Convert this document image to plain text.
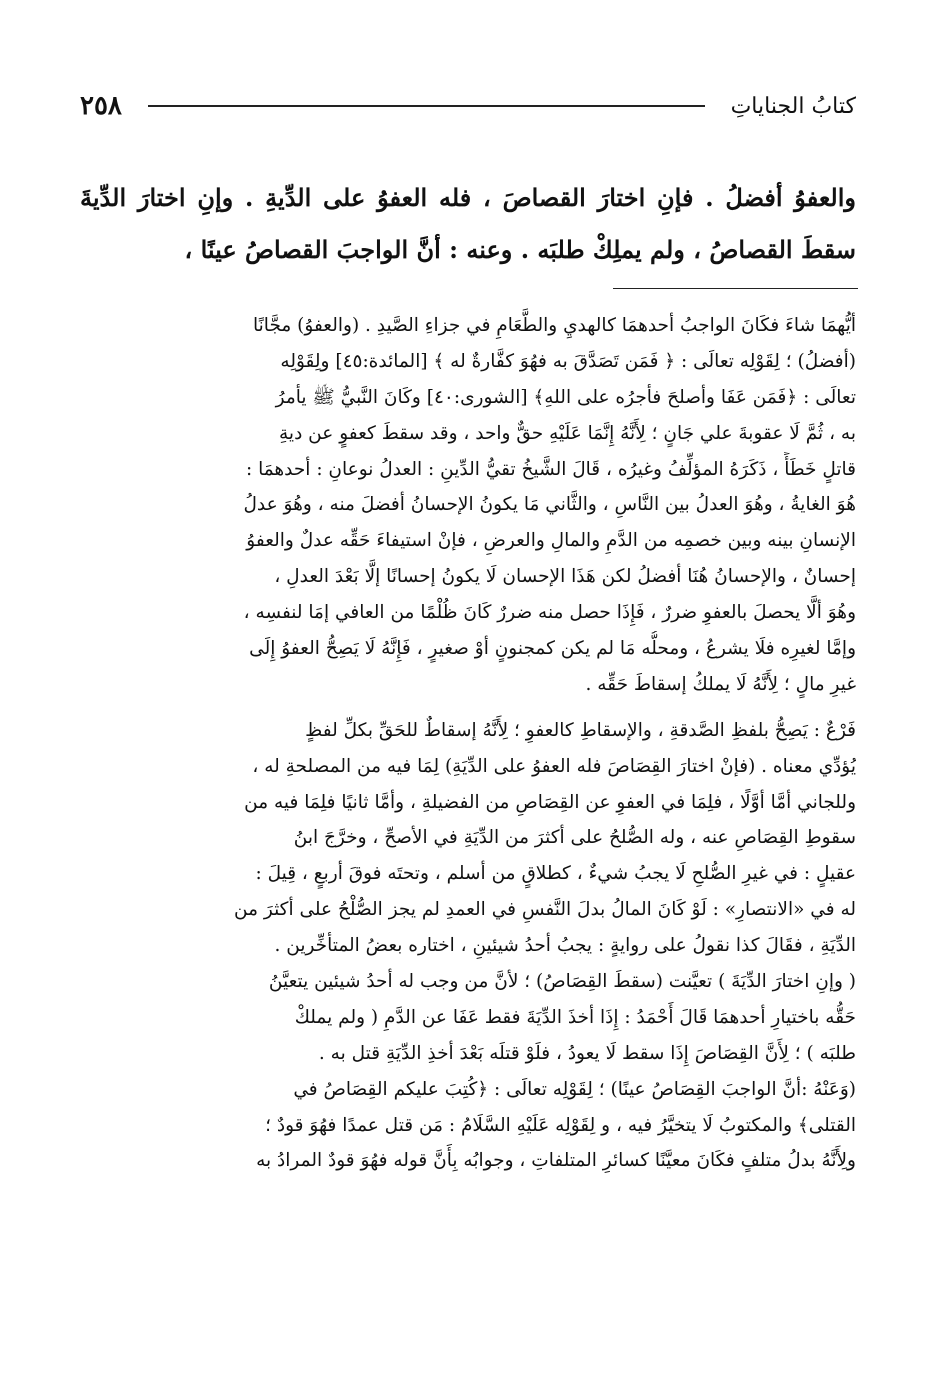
٢٥٨	كتابُ الجناياتِ

والعفوُ أفضلُ . فإنِ اختارَ القصاصَ ، فله العفوُ على الدِّيةِ . وإنِ اختارَ الدِّيةَ سقطَ القصاصُ ، ولم يملِكْ طلبَه . وعنه : أنَّ الواجبَ القصاصُ عينًا ،

أيُّهمَا شاءَ فكَانَ الواجبُ أحدهمَا كالهديِ والطَّعَامِ في جزاءِ الصَّيدِ . (والعفوُ) مجَّانًا
(أفضلُ) ؛ لِقَوْلِه تعالَى : ﴿ فَمَن تَصَدَّقَ به فهُوَ كفَّارةٌ له ﴾ [المائدة:٤٥] ولِقَوْلِه
تعالَى : ﴿فَمَن عَفَا وأصلحَ فأجرُه على اللهِ﴾ [الشورى:٤٠] وكَانَ النَّبيُّ ﷺ يأمرُ
به ، ثُمَّ لَا عقوبةَ علي جَانٍ ؛ لِأَنَّهُ إِنَّمَا عَلَيْهِ حقٌّ واحد ، وقد سقطَ كعفوٍ عن ديةِ
قاتلٍ خَطَأً ، ذَكَرَهُ المؤلِّفُ وغيرُه ، قَالَ الشَّيخُ تقيُّ الدِّينِ : العدلُ نوعانِ : أحدهمَا :
هُوَ الغايةُ ، وهُوَ العدلُ بين النَّاسِ ، والثَّاني مَا يكونُ الإحسانُ أفضلَ منه ، وهُوَ عدلُ
الإنسانِ بينه وبين خصمِه من الدَّمِ والمالِ والعرضِ ، فإنْ استيفاءَ حَقِّه عدلٌ والعفوُ
إحسانٌ ، والإحسانُ هُنَا أفضلُ لكن هَذَا الإحسان لَا يكونُ إحسانًا إلَّا بَعْدَ العدلِ ،
وهُوَ ألَّا يحصلَ بالعفوِ ضررٌ ، فَإِذَا حصل منه ضررٌ كَانَ ظُلْمًا من العافي إمَا لنفسِه ،
وإمَّا لغيرِه فلَا يشرعُ ، ومحلُّه مَا لم يكن كمجنونٍ أوْ صغيرٍ ، فَإِنَّهُ لَا يَصِحُّ العفوُ إِلَى
غيرِ مالٍ ؛ لِأَنَّهُ لَا يملكُ إسقاطَ حَقِّه .
فَرْعٌ : يَصِحُّ بلفظِ الصَّدقةِ ، والإسقاطِ كالعفوِ ؛ لِأَنَّهُ إسقاطٌ للحَقِّ بكلِّ لفظٍ
يُؤدِّي معناه . (فإنْ اختارَ القِصَاصَ فله العفوُ على الدِّيَةِ) لِمَا فيه من المصلحةِ له ،
وللجاني أمَّا أوَّلًا ، فلِمَا في العفوِ عن القِصَاصِ من الفضيلةِ ، وأمَّا ثانيًا فلِمَا فيه من
سقوطِ القِصَاصِ عنه ، وله الصُّلحُ على أكثرَ من الدِّيَةِ في الأصحِّ ، وخرَّجَ ابنُ
عقيلٍ : في غيرِ الصُّلحِ لَا يجبُ شيءٌ ، كطلاقٍ من أسلم ، وتحتَه فوقَ أربعٍ ، قِيلَ :
له في «الانتصارِ» : لَوْ كَانَ المالُ بدلَ النَّفسِ في العمدِ لم يجز الصُّلْحُ على أكثرَ من
الدِّيَةِ ، فقَالَ كذا نقولُ على روايةٍ : يجبُ أحدُ شيئينِ ، اختاره بعضُ المتأخِّرين .
( وإنِ اختارَ الدِّيَةَ ) تعيَّنت (سقطَ القِصَاصُ) ؛ لأنَّ من وجب له أحدُ شيئين يتعيَّنُ
حَقُّه باختيارِ أحدهمَا قَالَ أَحْمَدُ : إِذَا أخذَ الدِّيَةَ فقط عَفَا عن الدَّمِ ( ولم يملكْ
طلبَه ) ؛ لِأَنَّ القِصَاصَ إِذَا سقط لَا يعودُ ، فلَوْ قتلَه بَعْدَ أخذِ الدِّيَةِ قتل به .
(وَعَنْهُ :أنَّ الواجبَ القِصَاصُ عينًا) ؛ لِقَوْلِه تعالَى : ﴿كُتِبَ عليكم القِصَاصُ في
القتلى﴾ والمكتوبُ لَا يتخيَّرُ فيه ، و لِقَوْلِه عَلَيْهِ السَّلَامُ : مَن قتل عمدًا فهُوَ قودٌ ؛
ولِأَنَّهُ بدلُ متلفٍ فكَانَ معيَّنًا كسائرِ المتلفاتِ ، وجوابُه بِأَنَّ قوله فهُوَ قودٌ المرادُ به
